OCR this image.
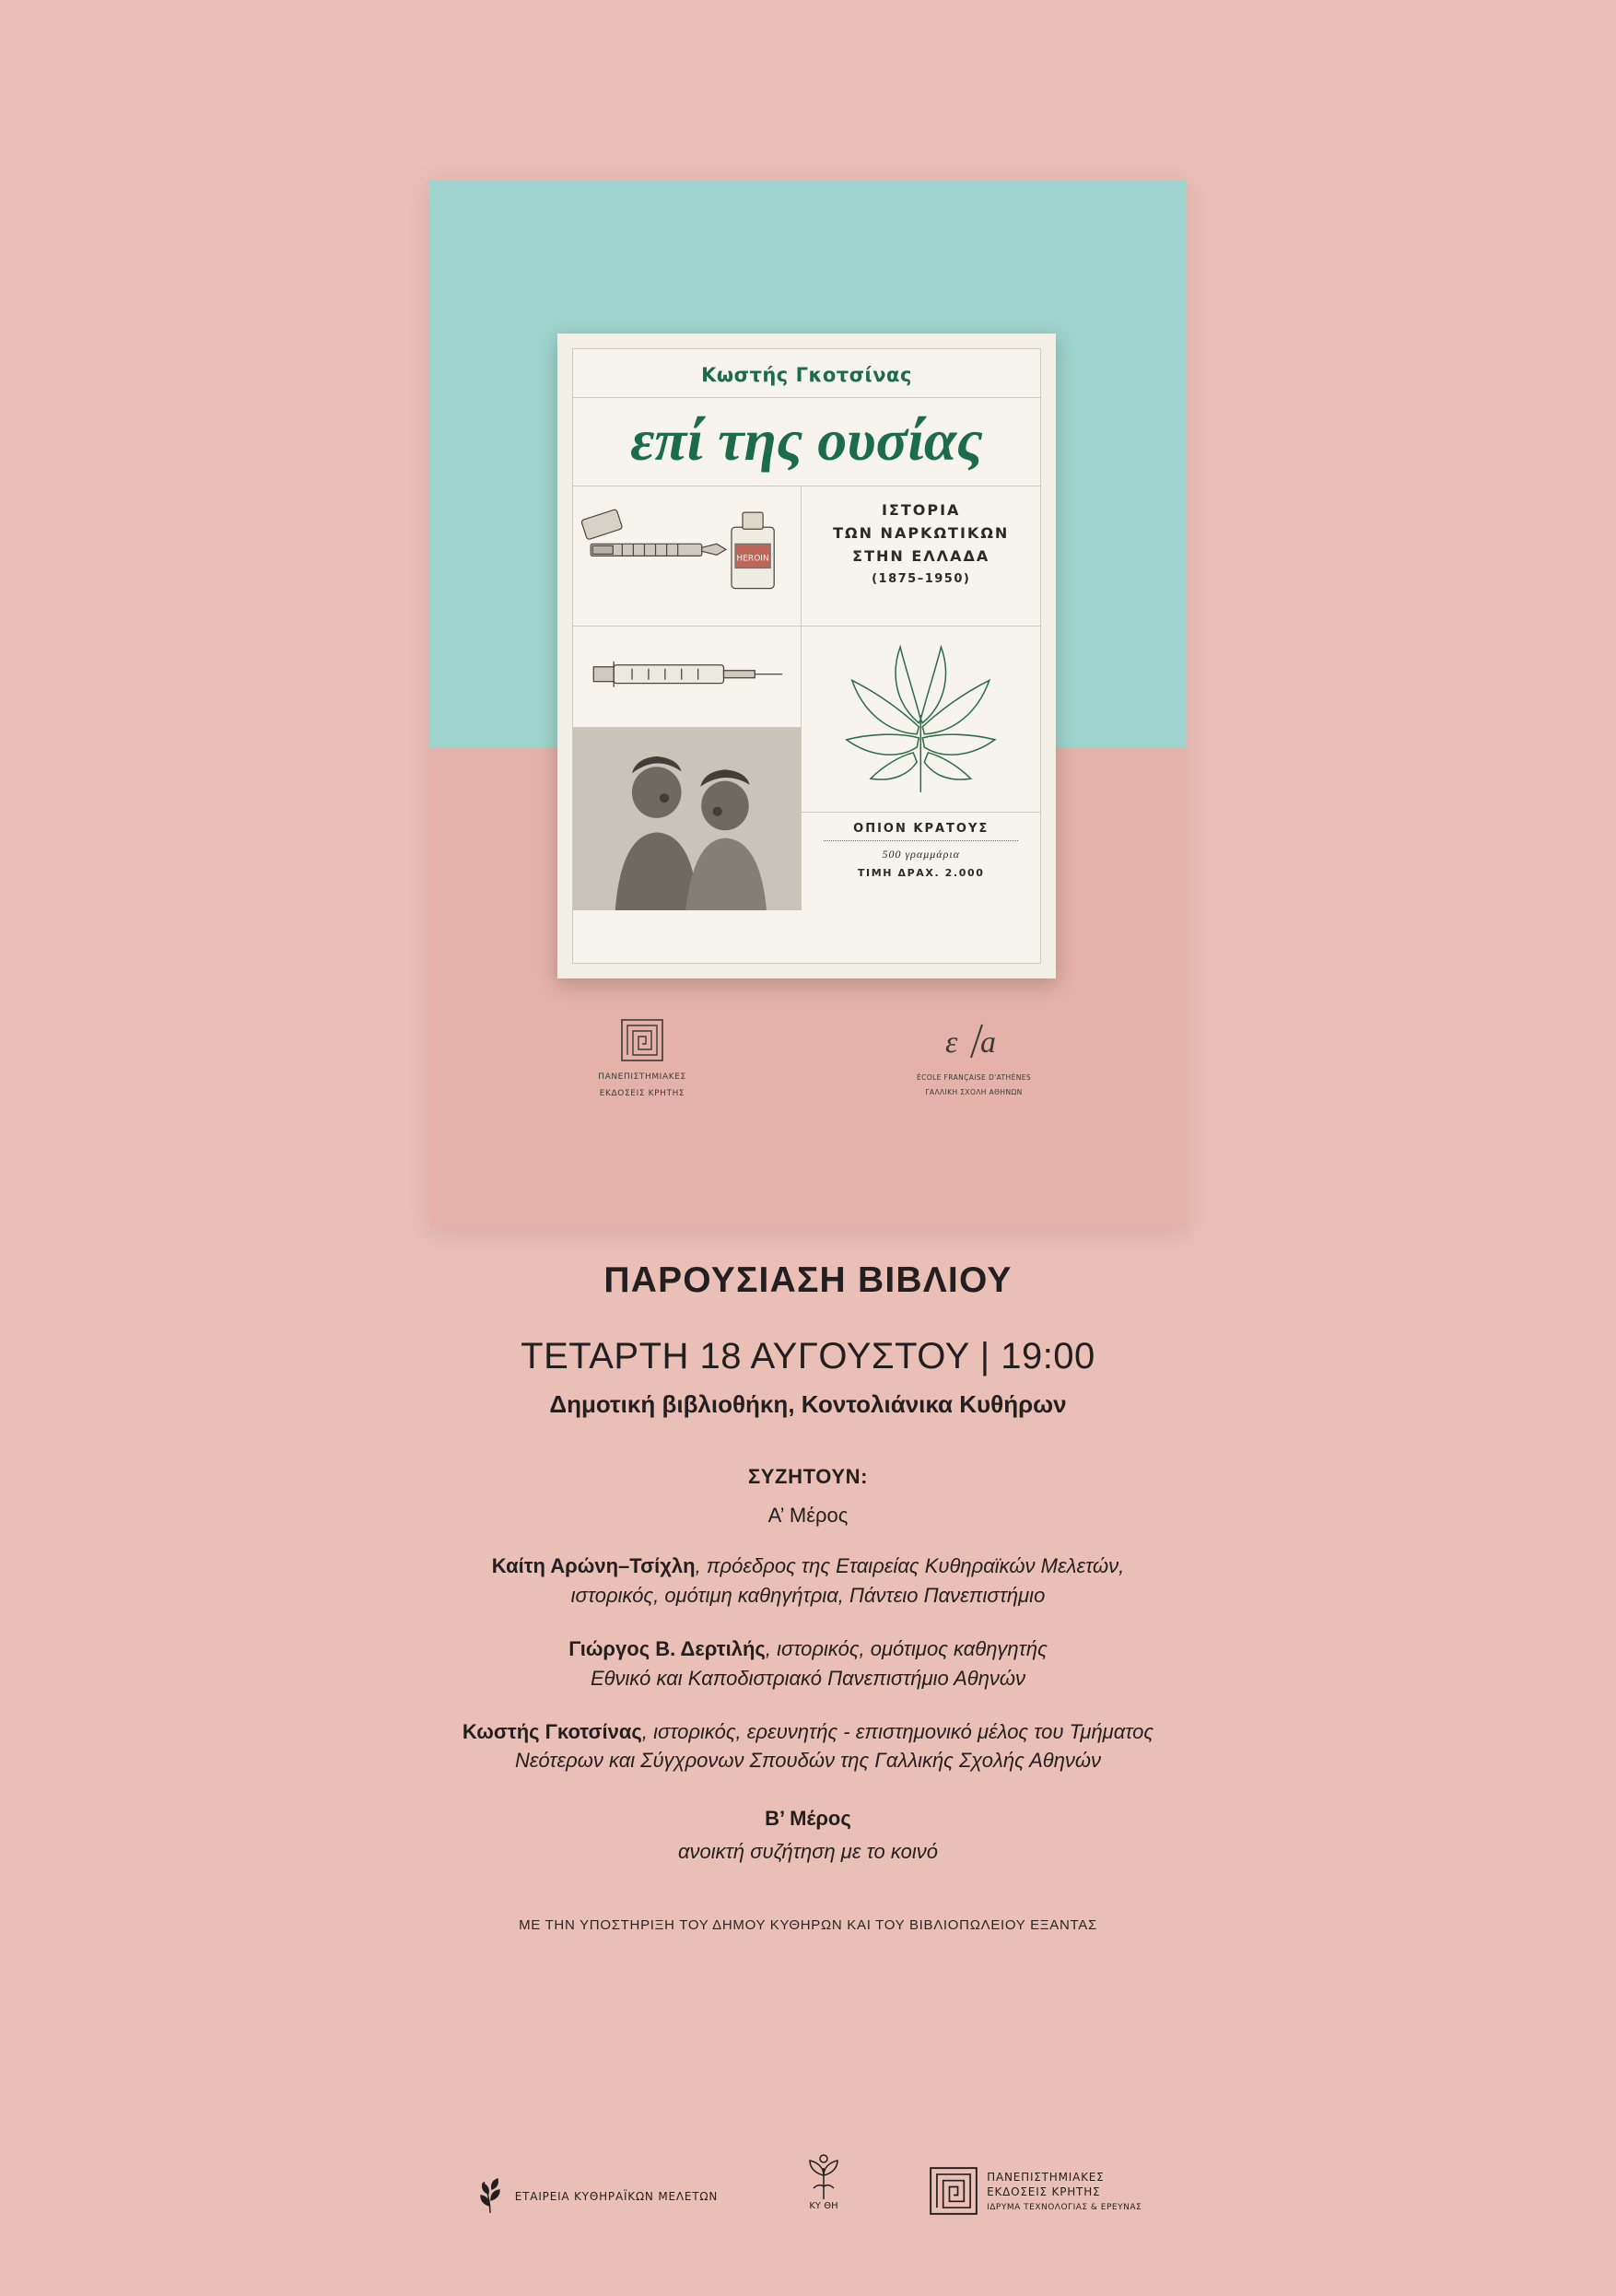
Κωστής Γκοτσίνας
επί της ουσίας
HEROIN
ΙΣΤΟΡΙΑ
ΤΩΝ ΝΑΡΚΩΤΙΚΩΝ
ΣΤΗΝ ΕΛΛΑΔΑ
(1875–1950)
ΟΠΙΟΝ ΚΡΑΤΟΥΣ
500 γραμμάρια
ΤΙΜΗ ΔΡΑΧ. 2.000
ΠΑΝΕΠΙΣΤΗΜΙΑΚΕΣ
ΕΚΔΟΣΕΙΣ ΚΡΗΤΗΣ
ε a
ÉCOLE FRANÇAISE D'ATHÈNES
ΓΑΛΛΙΚΗ ΣΧΟΛΗ ΑΘΗΝΩΝ
ΠΑΡΟΥΣΙΑΣΗ ΒΙΒΛΙΟΥ
ΤΕΤΑΡΤΗ 18 ΑΥΓΟΥΣΤΟΥ | 19:00
Δημοτική βιβλιοθήκη, Κοντολιάνικα Κυθήρων
ΣΥΖΗΤΟΥΝ:
Α’ Μέρος
Καίτη Αρώνη–Τσίχλη, πρόεδρος της Εταιρείας Κυθηραϊκών Μελετών,
ιστορικός, ομότιμη καθηγήτρια, Πάντειο Πανεπιστήμιο
Γιώργος Β. Δερτιλής, ιστορικός, ομότιμος καθηγητής
Εθνικό και Καποδιστριακό Πανεπιστήμιο Αθηνών
Κωστής Γκοτσίνας, ιστορικός, ερευνητής - επιστημονικό μέλος του Τμήματος
Νεότερων και Σύγχρονων Σπουδών της Γαλλικής Σχολής Αθηνών
Β’ Μέρος
ανοικτή συζήτηση με το κοινό
ΜΕ ΤΗΝ ΥΠΟΣΤΗΡΙΞΗ ΤΟΥ ΔΗΜΟΥ ΚΥΘΗΡΩΝ ΚΑΙ ΤΟΥ ΒΙΒΛΙΟΠΩΛΕΙΟΥ ΕΞΑΝΤΑΣ
ΕΤΑΙΡΕΙΑ ΚΥΘΗΡΑΪΚΩΝ ΜΕΛΕΤΩΝ
ΚΥ ΘΗ
ΠΑΝΕΠΙΣΤΗΜΙΑΚΕΣ
ΕΚΔΟΣΕΙΣ ΚΡΗΤΗΣ
ΙΔΡΥΜΑ ΤΕΧΝΟΛΟΓΙΑΣ & ΕΡΕΥΝΑΣ
